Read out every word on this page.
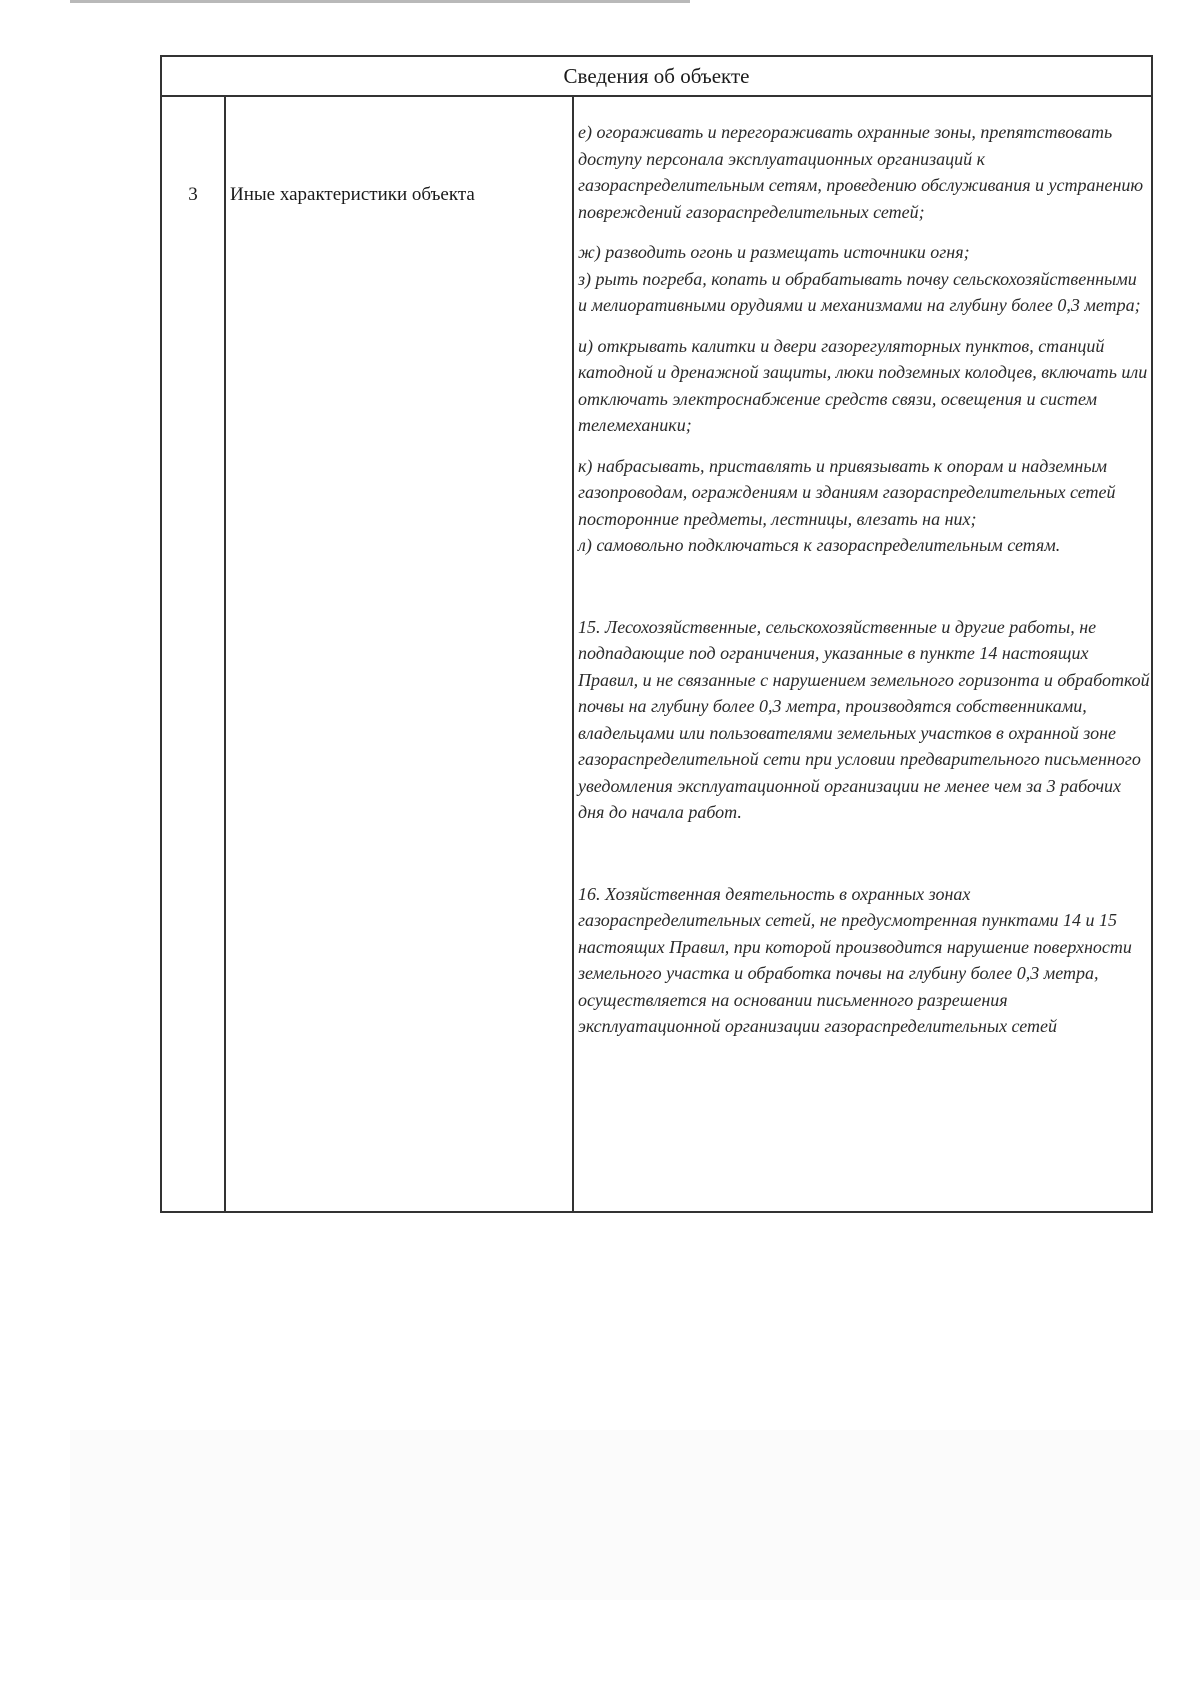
Сведения об объекте
3	Иные характеристики объекта

е) огораживать и перегораживать охранные зоны, препятствовать доступу персонала эксплуатационных организаций к газораспределительным сетям, проведению обслуживания и устранению повреждений газораспределительных сетей;

ж) разводить огонь и размещать источники огня;

з) рыть погреба, копать и обрабатывать почву сельскохозяйственными и мелиоративными орудиями и механизмами на глубину более 0,3 метра;

и) открывать калитки и двери газорегуляторных пунктов, станций катодной и дренажной защиты, люки подземных колодцев, включать или отключать электроснабжение средств связи, освещения и систем телемеханики;

к) набрасывать, приставлять и привязывать к опорам и надземным газопроводам, ограждениям и зданиям газораспределительных сетей посторонние предметы, лестницы, влезать на них;

л) самовольно подключаться к газораспределительным сетям.

15. Лесохозяйственные, сельскохозяйственные и другие работы, не подпадающие под ограничения, указанные в пункте 14 настоящих Правил, и не связанные с нарушением земельного горизонта и обработкой почвы на глубину более 0,3 метра, производятся собственниками, владельцами или пользователями земельных участков в охранной зоне газораспределительной сети при условии предварительного письменного уведомления эксплуатационной организации не менее чем за 3 рабочих дня до начала работ.

16. Хозяйственная деятельность в охранных зонах газораспределительных сетей, не предусмотренная пунктами 14 и 15 настоящих Правил, при которой производится нарушение поверхности земельного участка и обработка почвы на глубину более 0,3 метра, осуществляется на основании письменного разрешения эксплуатационной организации газораспределительных сетей
